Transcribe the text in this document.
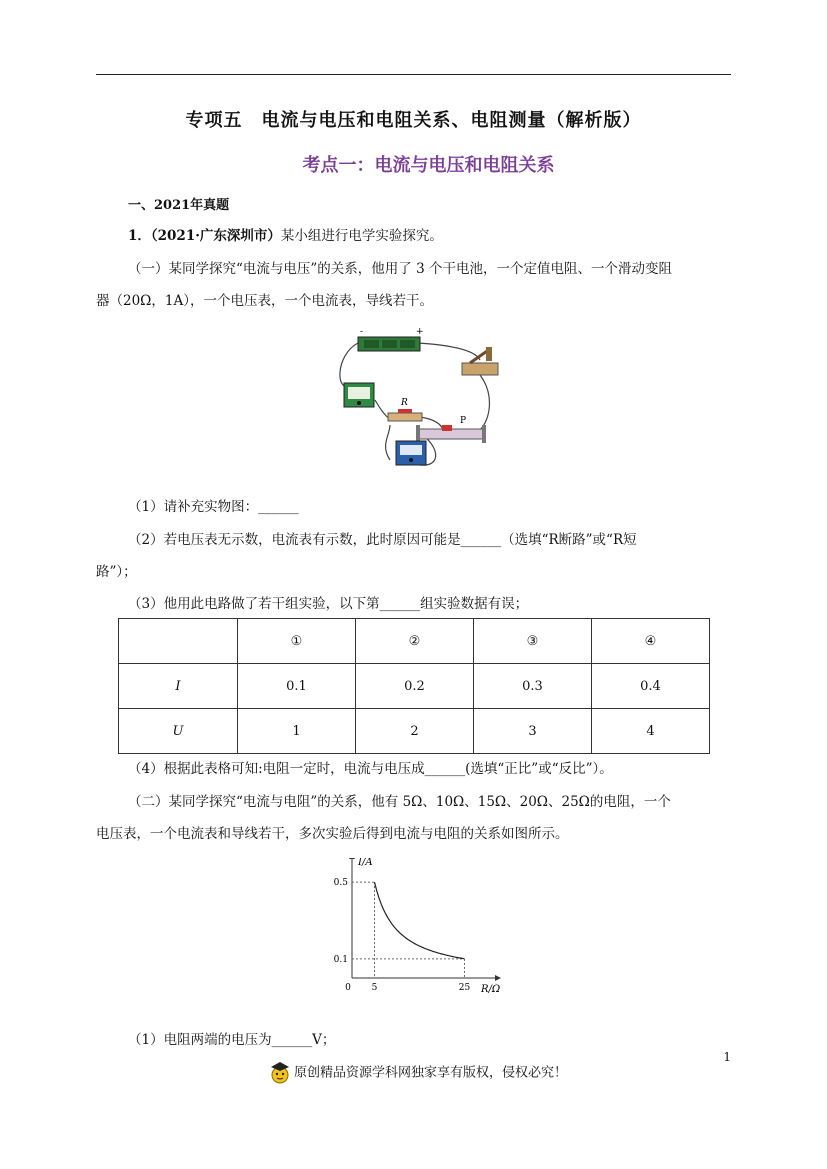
专项五　电流与电压和电阻关系、电阻测量（解析版）
考点一：电流与电压和电阻关系
一、2021年真题
1．（2021·广东深圳市）某小组进行电学实验探究。
（一）某同学探究“电流与电压”的关系，他用了 3 个干电池，一个定值电阻、一个滑动变阻
器（20Ω，1A），一个电压表，一个电流表，导线若干。
-	+
R
P
（1）请补充实物图：______
（2）若电压表无示数，电流表有示数，此时原因可能是______（选填“R断路”或“R短
路”）；
（3）他用此电路做了若干组实验，以下第______组实验数据有误；
	①	②	③	④
I	0.1	0.2	0.3	0.4
U	1	2	3	4
（4）根据此表格可知:电阻一定时，电流与电压成______(选填“正比”或“反比”）。
（二）某同学探究“电流与电阻”的关系，他有 5Ω、10Ω、15Ω、20Ω、25Ω的电阻，一个
电压表，一个电流表和导线若干，多次实验后得到电流与电阻的关系如图所示。
0 5	25
0.5
0.1
I/A
R/Ω
（1）电阻两端的电压为______V；
1
原创精品资源学科网独家享有版权，侵权必究！
